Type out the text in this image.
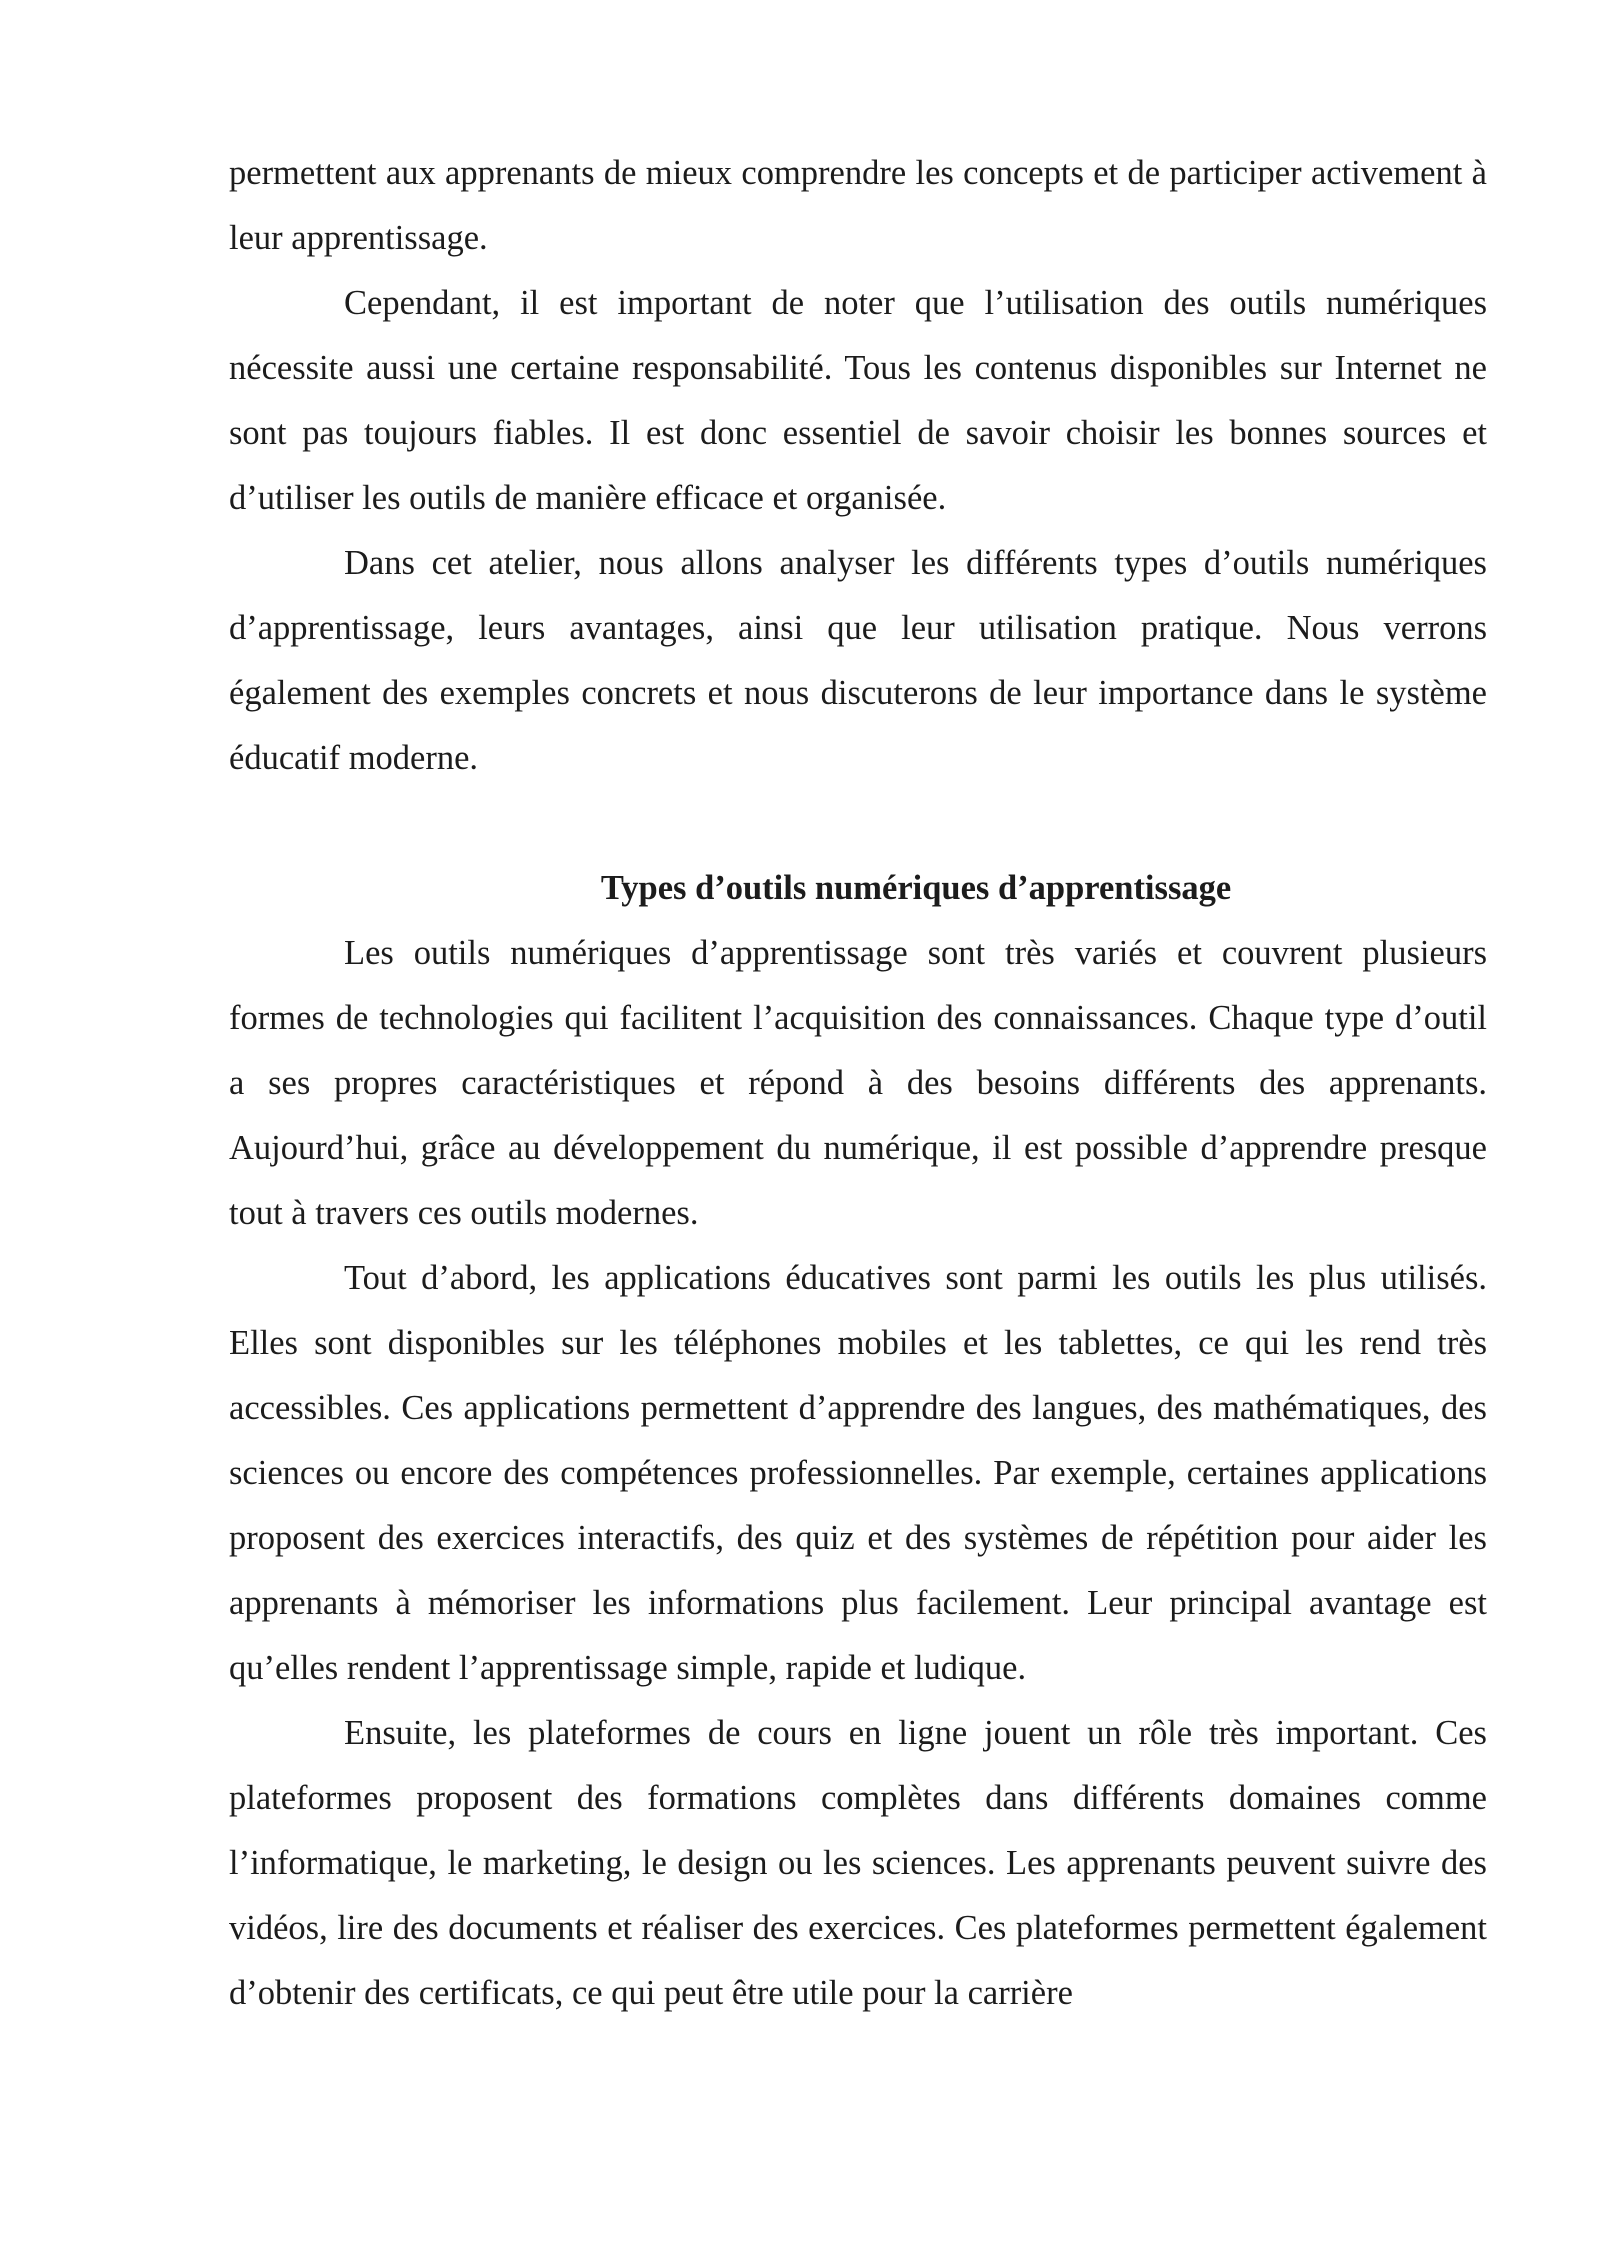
permettent aux apprenants de mieux comprendre les concepts et de participer activement à leur apprentissage.

Cependant, il est important de noter que l’utilisation des outils numériques nécessite aussi une certaine responsabilité. Tous les contenus disponibles sur Internet ne sont pas toujours fiables. Il est donc essentiel de savoir choisir les bonnes sources et d’utiliser les outils de manière efficace et organisée.

Dans cet atelier, nous allons analyser les différents types d’outils numériques d’apprentissage, leurs avantages, ainsi que leur utilisation pratique. Nous verrons également des exemples concrets et nous discuterons de leur importance dans le système éducatif moderne.

Types d’outils numériques d’apprentissage

Les outils numériques d’apprentissage sont très variés et couvrent plusieurs formes de technologies qui facilitent l’acquisition des connaissances. Chaque type d’outil a ses propres caractéristiques et répond à des besoins différents des apprenants. Aujourd’hui, grâce au développement du numérique, il est possible d’apprendre presque tout à travers ces outils modernes.

Tout d’abord, les applications éducatives sont parmi les outils les plus utilisés. Elles sont disponibles sur les téléphones mobiles et les tablettes, ce qui les rend très accessibles. Ces applications permettent d’apprendre des langues, des mathématiques, des sciences ou encore des compétences professionnelles. Par exemple, certaines applications proposent des exercices interactifs, des quiz et des systèmes de répétition pour aider les apprenants à mémoriser les informations plus facilement. Leur principal avantage est qu’elles rendent l’apprentissage simple, rapide et ludique.

Ensuite, les plateformes de cours en ligne jouent un rôle très important. Ces plateformes proposent des formations complètes dans différents domaines comme l’informatique, le marketing, le design ou les sciences. Les apprenants peuvent suivre des vidéos, lire des documents et réaliser des exercices. Ces plateformes permettent également d’obtenir des certificats, ce qui peut être utile pour la carrière
